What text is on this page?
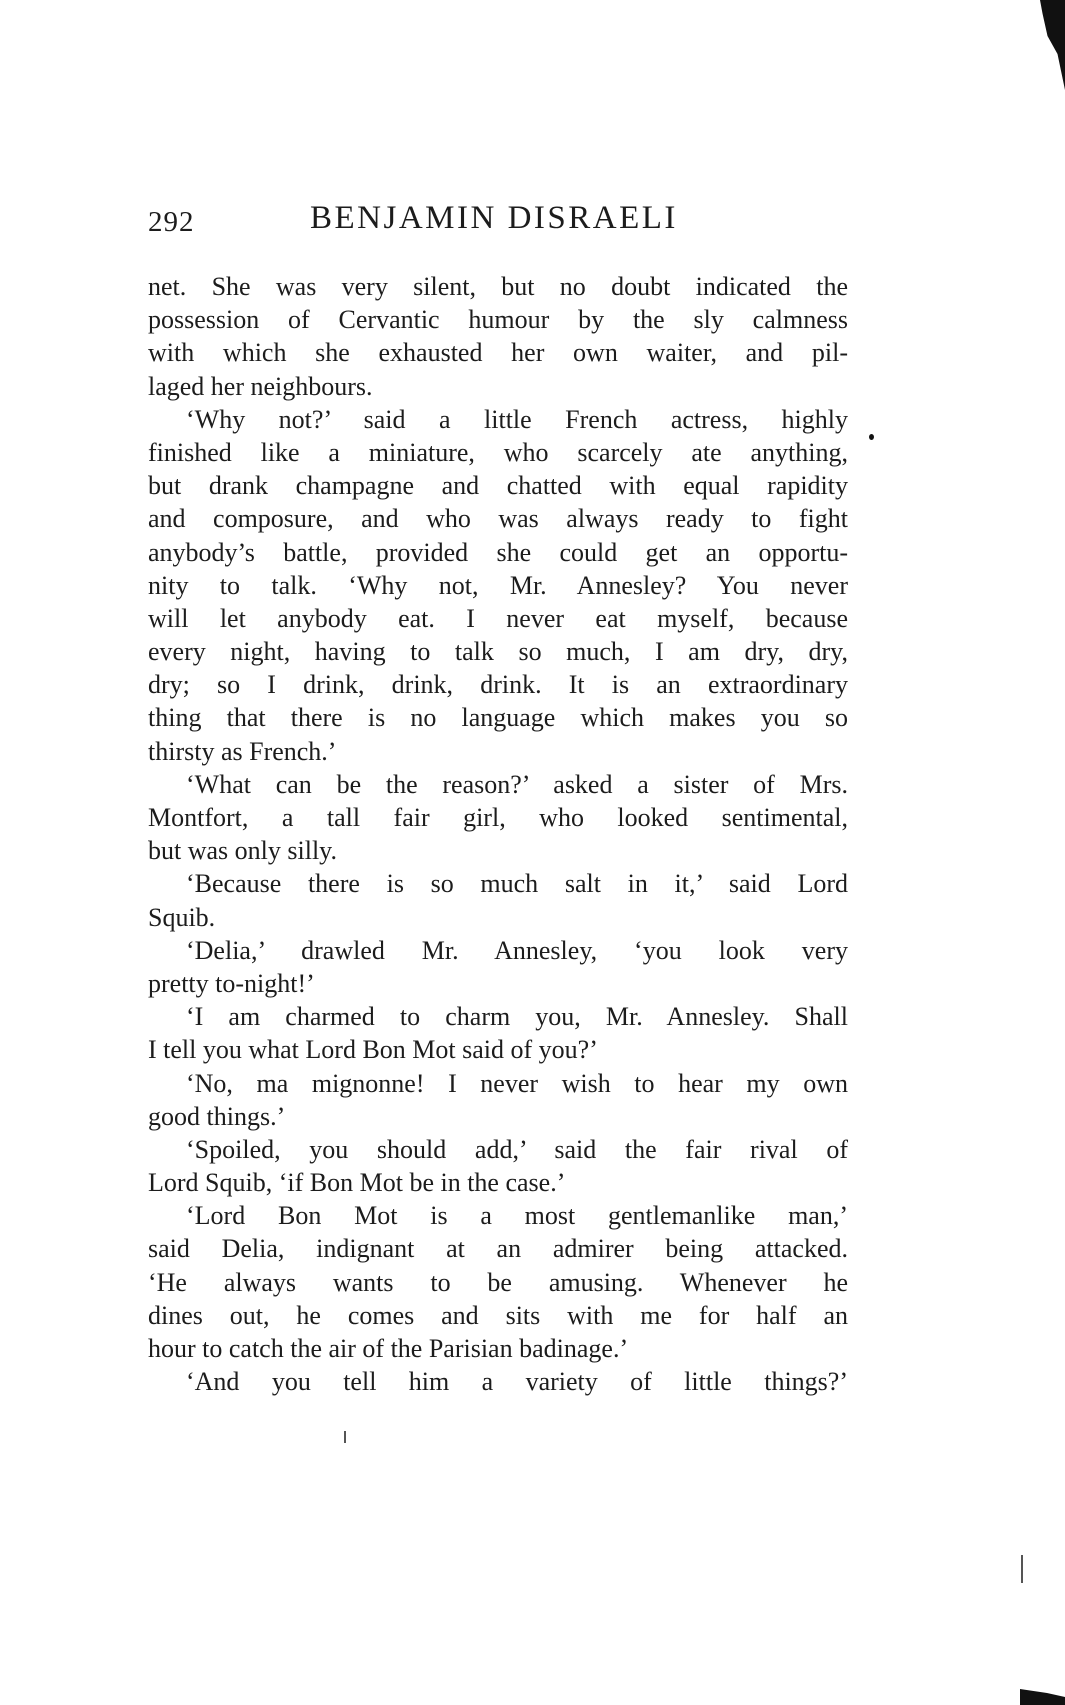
292	BENJAMIN DISRAELI
net. She was very silent, but no doubt indicated the
possession of Cervantic humour by the sly calmness
with which she exhausted her own waiter, and pil-
laged her neighbours.
‘Why not?’ said a little French actress, highly
finished like a miniature, who scarcely ate anything,
but drank champagne and chatted with equal rapidity
and composure, and who was always ready to fight
anybody’s battle, provided she could get an opportu-
nity to talk. ‘Why not, Mr. Annesley? You never
will let anybody eat. I never eat myself, because
every night, having to talk so much, I am dry, dry,
dry; so I drink, drink, drink. It is an extraordinary
thing that there is no language which makes you so
thirsty as French.’
‘What can be the reason?’ asked a sister of Mrs.
Montfort, a tall fair girl, who looked sentimental,
but was only silly.
‘Because there is so much salt in it,’ said Lord
Squib.
‘Delia,’ drawled Mr. Annesley, ‘you look very
pretty to-night!’
‘I am charmed to charm you, Mr. Annesley. Shall
I tell you what Lord Bon Mot said of you?’
‘No, ma mignonne! I never wish to hear my own
good things.’
‘Spoiled, you should add,’ said the fair rival of
Lord Squib, ‘if Bon Mot be in the case.’
‘Lord Bon Mot is a most gentlemanlike man,’
said Delia, indignant at an admirer being attacked.
‘He always wants to be amusing. Whenever he
dines out, he comes and sits with me for half an
hour to catch the air of the Parisian badinage.’
‘And you tell him a variety of little things?’
